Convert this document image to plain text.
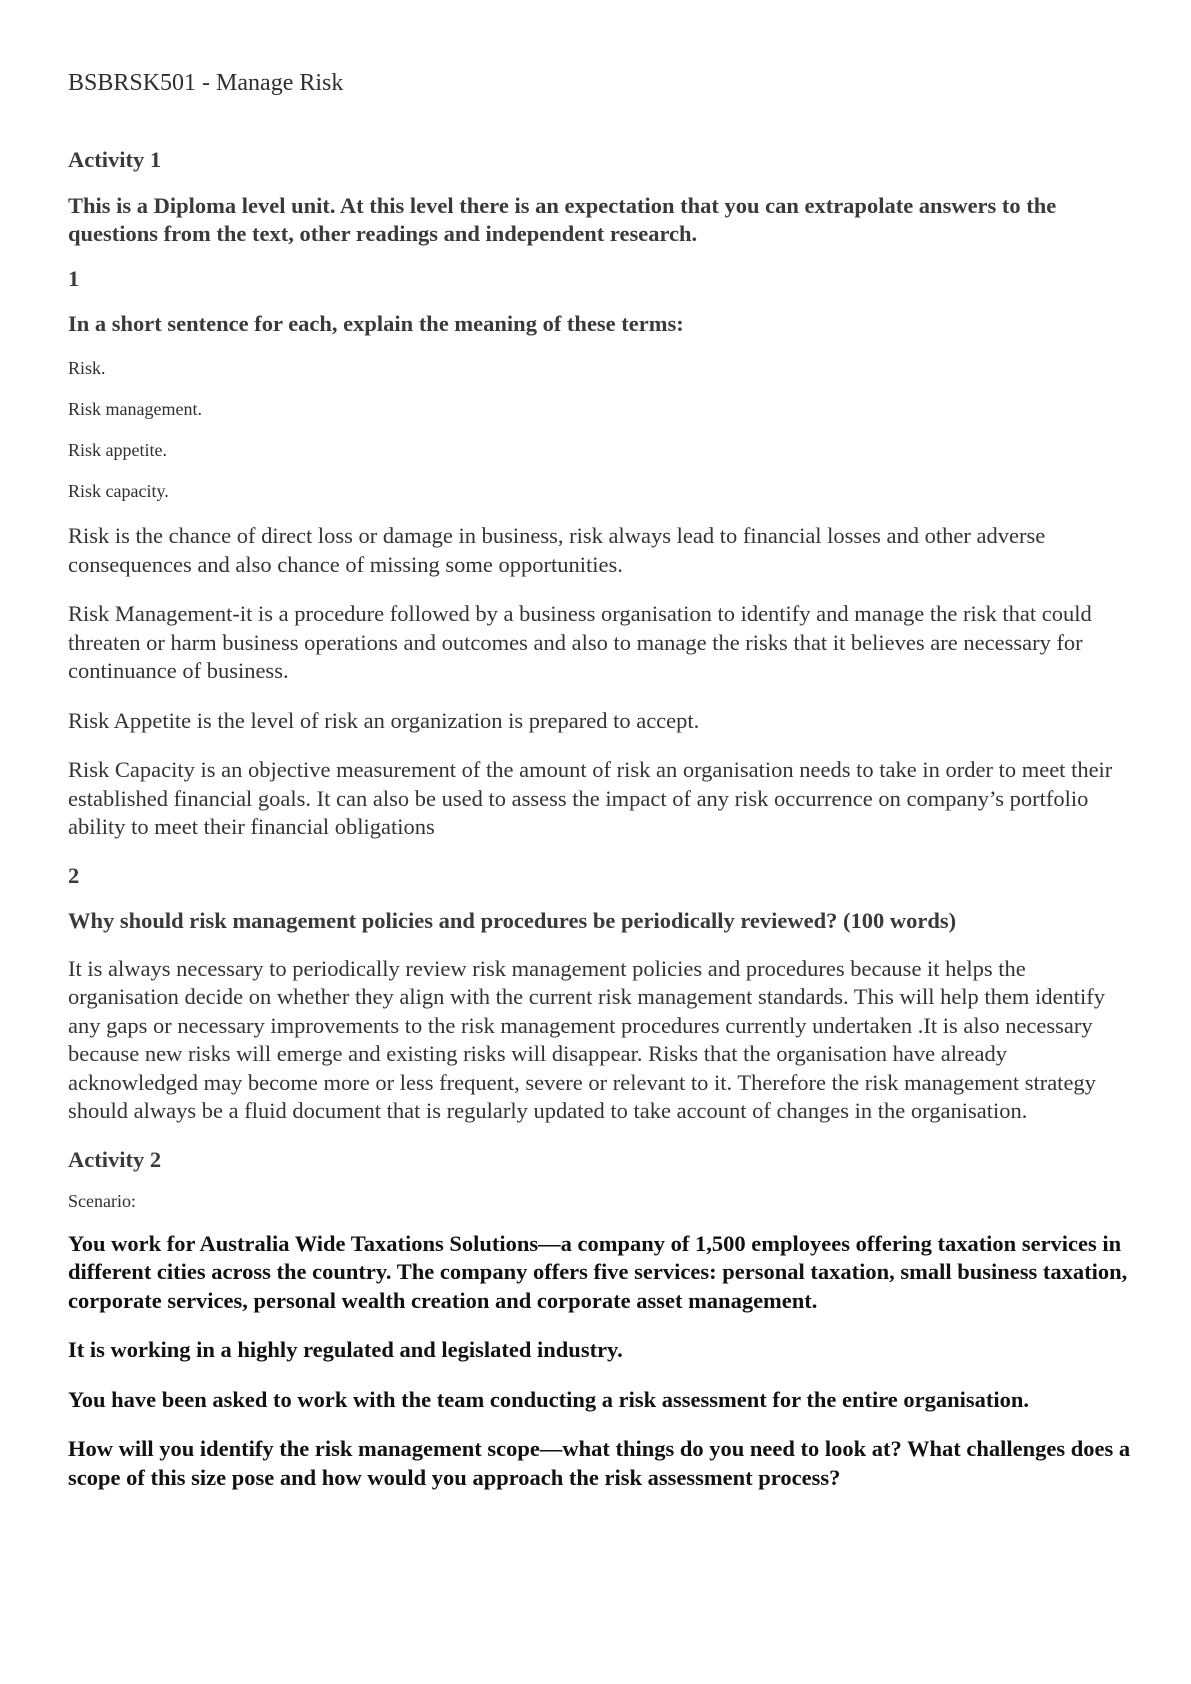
BSBRSK501 - Manage Risk

Activity 1

This is a Diploma level unit. At this level there is an expectation that you can extrapolate answers to the questions from the text, other readings and independent research.

1

In a short sentence for each, explain the meaning of these terms:

Risk.

Risk management.

Risk appetite.

Risk capacity.

Risk is the chance of direct loss or damage in business, risk always lead to financial losses and other adverse consequences and also chance of missing some opportunities.

Risk Management-it is a procedure followed by a business organisation to identify and manage the risk that could threaten or harm business operations and outcomes and also to manage the risks that it believes are necessary for continuance of business.

Risk Appetite is the level of risk an organization is prepared to accept.

Risk Capacity is an objective measurement of the amount of risk an organisation needs to take in order to meet their established financial goals. It can also be used to assess the impact of any risk occurrence on company’s portfolio ability to meet their financial obligations

2

Why should risk management policies and procedures be periodically reviewed? (100 words)

It is always necessary to periodically review risk management policies and procedures because it helps the organisation decide on whether they align with the current risk management standards. This will help them identify any gaps or necessary improvements to the risk management procedures currently undertaken .It is also necessary because new risks will emerge and existing risks will disappear. Risks that the organisation have already acknowledged may become more or less frequent, severe or relevant to it. Therefore the risk management strategy should always be a fluid document that is regularly updated to take account of changes in the organisation.

Activity 2

Scenario:

You work for Australia Wide Taxations Solutions—a company of 1,500 employees offering taxation services in different cities across the country. The company offers five services: personal taxation, small business taxation, corporate services, personal wealth creation and corporate asset management.

It is working in a highly regulated and legislated industry.

You have been asked to work with the team conducting a risk assessment for the entire organisation.

How will you identify the risk management scope—what things do you need to look at? What challenges does a scope of this size pose and how would you approach the risk assessment process?
